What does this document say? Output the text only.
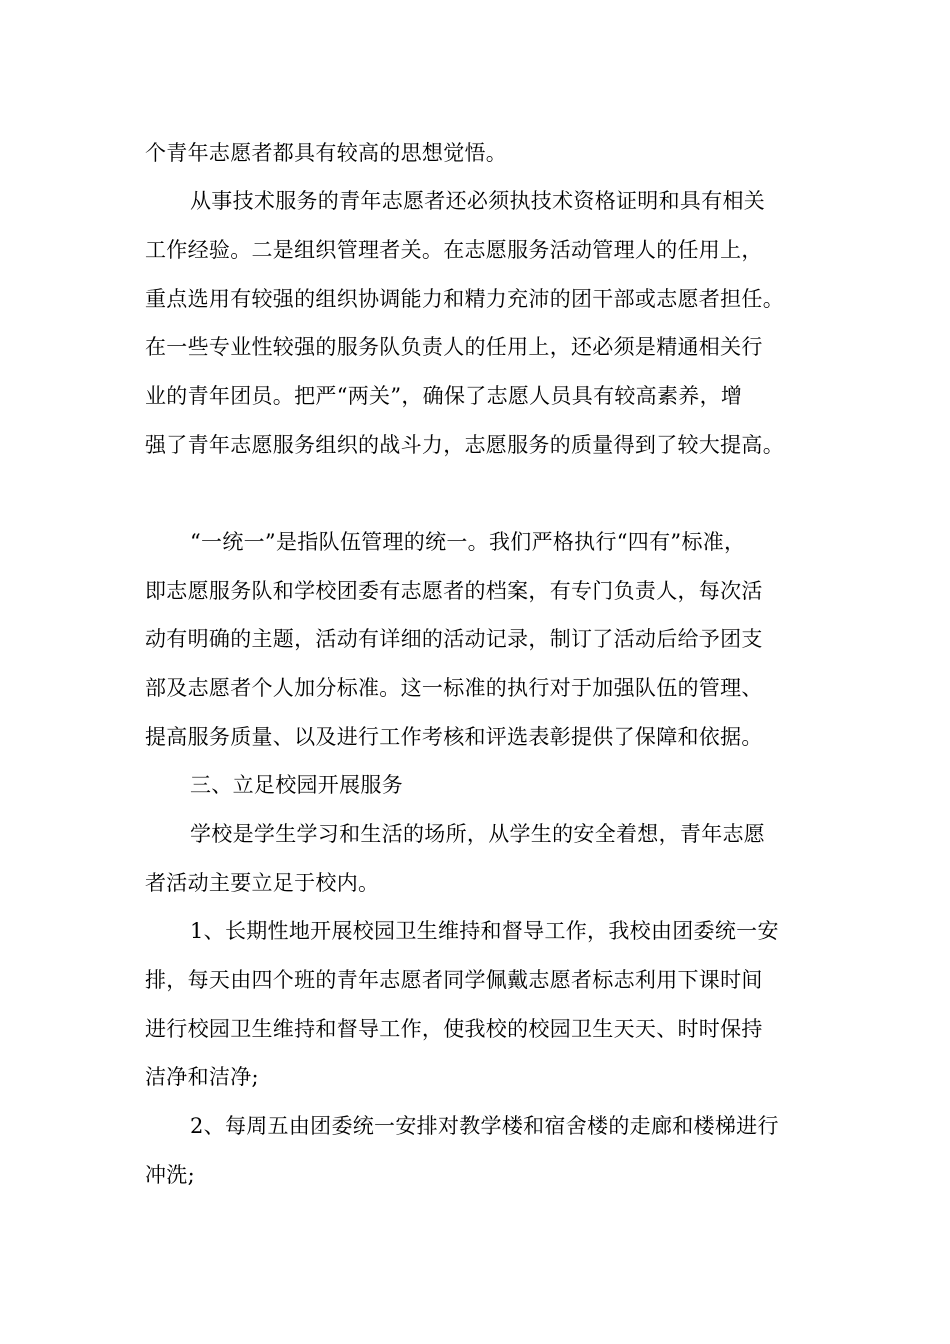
个青年志愿者都具有较高的思想觉悟。
从事技术服务的青年志愿者还必须执技术资格证明和具有相关
工作经验。二是组织管理者关。在志愿服务活动管理人的任用上，
重点选用有较强的组织协调能力和精力充沛的团干部或志愿者担任。
在一些专业性较强的服务队负责人的任用上，还必须是精通相关行
业的青年团员。把严“两关”，确保了志愿人员具有较高素养，增
强了青年志愿服务组织的战斗力，志愿服务的质量得到了较大提高。
“一统一”是指队伍管理的统一。我们严格执行“四有”标准，
即志愿服务队和学校团委有志愿者的档案，有专门负责人，每次活
动有明确的主题，活动有详细的活动记录，制订了活动后给予团支
部及志愿者个人加分标准。这一标准的执行对于加强队伍的管理、
提高服务质量、以及进行工作考核和评选表彰提供了保障和依据。
三、立足校园开展服务
学校是学生学习和生活的场所，从学生的安全着想，青年志愿
者活动主要立足于校内。
1、长期性地开展校园卫生维持和督导工作，我校由团委统一安
排，每天由四个班的青年志愿者同学佩戴志愿者标志利用下课时间
进行校园卫生维持和督导工作，使我校的校园卫生天天、时时保持
洁净和洁净;
2、每周五由团委统一安排对教学楼和宿舍楼的走廊和楼梯进行
冲洗;
